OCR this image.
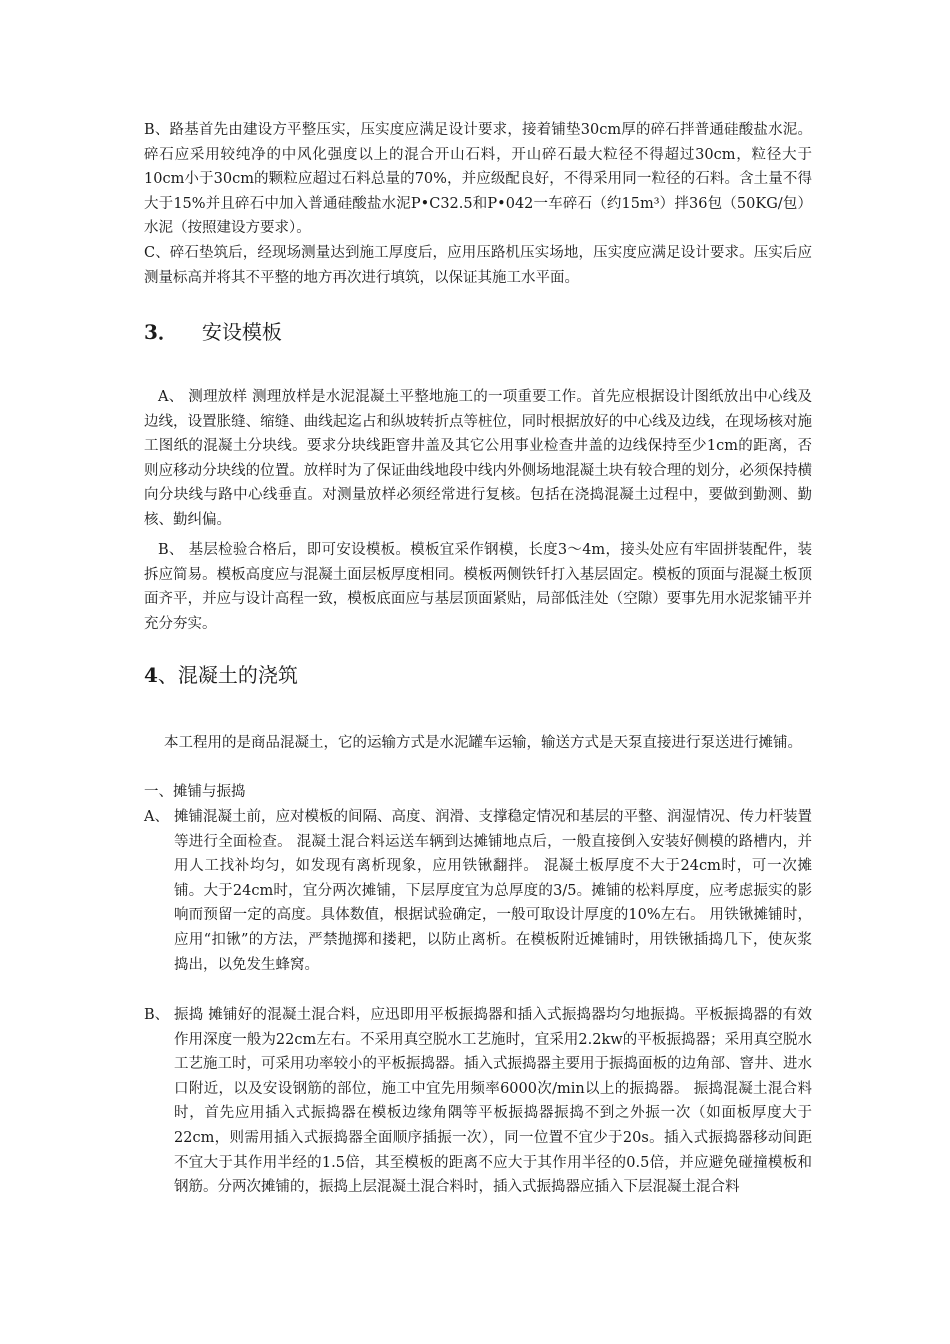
B、路基首先由建设方平整压实，压实度应满足设计要求，接着铺垫30cm厚的碎石拌普通硅酸盐水泥。碎石应采用较纯净的中风化强度以上的混合开山石料，开山碎石最大粒径不得超过30cm，粒径大于10cm小于30cm的颗粒应超过石料总量的70%，并应级配良好，不得采用同一粒径的石料。含土量不得大于15%并且碎石中加入普通硅酸盐水泥P•C32.5和P•042一车碎石（约15m³）拌36包（50KG/包）水泥（按照建设方要求）。

C、碎石垫筑后，经现场测量达到施工厚度后，应用压路机压实场地，压实度应满足设计要求。压实后应测量标高并将其不平整的地方再次进行填筑，以保证其施工水平面。

3． 安设模板

A、 测理放样 测理放样是水泥混凝土平整地施工的一项重要工作。首先应根据设计图纸放出中心线及边线，设置胀缝、缩缝、曲线起迄占和纵坡转折点等桩位，同时根据放好的中心线及边线，在现场核对施工图纸的混凝土分块线。要求分块线距窨井盖及其它公用事业检查井盖的边线保持至少1cm的距离，否则应移动分块线的位置。放样时为了保证曲线地段中线内外侧场地混凝土块有较合理的划分，必须保持横向分块线与路中心线垂直。对测量放样必须经常进行复核。包括在浇捣混凝土过程中，要做到勤测、勤核、勤纠偏。

B、 基层检验合格后，即可安设模板。模板宜采作钢模，长度3～4m，接头处应有牢固拼装配件，装拆应简易。模板高度应与混凝土面层板厚度相同。模板两侧铁钎打入基层固定。模板的顶面与混凝土板顶面齐平，并应与设计高程一致，模板底面应与基层顶面紧贴，局部低洼处（空隙）要事先用水泥浆铺平并充分夯实。

4、混凝土的浇筑

本工程用的是商品混凝土，它的运输方式是水泥罐车运输，输送方式是天泵直接进行泵送进行摊铺。

一、摊铺与振捣

A、 摊铺混凝土前，应对模板的间隔、高度、润滑、支撑稳定情况和基层的平整、润湿情况、传力杆装置等进行全面检查。 混凝土混合料运送车辆到达摊铺地点后，一般直接倒入安装好侧模的路槽内，并用人工找补均匀，如发现有离析现象，应用铁锹翻拌。 混凝土板厚度不大于24cm时，可一次摊铺。大于24cm时，宜分两次摊铺，下层厚度宜为总厚度的3/5。摊铺的松料厚度，应考虑振实的影响而预留一定的高度。具体数值，根据试验确定，一般可取设计厚度的10%左右。 用铁锹摊铺时，应用“扣锹”的方法，严禁抛掷和搂耙，以防止离析。在模板附近摊铺时，用铁锹插捣几下，使灰浆捣出，以免发生蜂窝。
B、 振捣 摊铺好的混凝土混合料，应迅即用平板振捣器和插入式振捣器均匀地振捣。平板振捣器的有效作用深度一般为22cm左右。不采用真空脱水工艺施时，宜采用2.2kw的平板振捣器；采用真空脱水工艺施工时，可采用功率较小的平板振捣器。插入式振捣器主要用于振捣面板的边角部、窨井、进水口附近，以及安设钢筋的部位，施工中宜先用频率6000次/min以上的振捣器。 振捣混凝土混合料时，首先应用插入式振捣器在模板边缘角隅等平板振捣器振捣不到之外振一次（如面板厚度大于22cm，则需用插入式振捣器全面顺序插振一次），同一位置不宜少于20s。插入式振捣器移动间距不宜大于其作用半经的1.5倍，其至模板的距离不应大于其作用半径的0.5倍，并应避免碰撞模板和钢筋。分两次摊铺的，振捣上层混凝土混合料时，插入式振捣器应插入下层混凝土混合料
